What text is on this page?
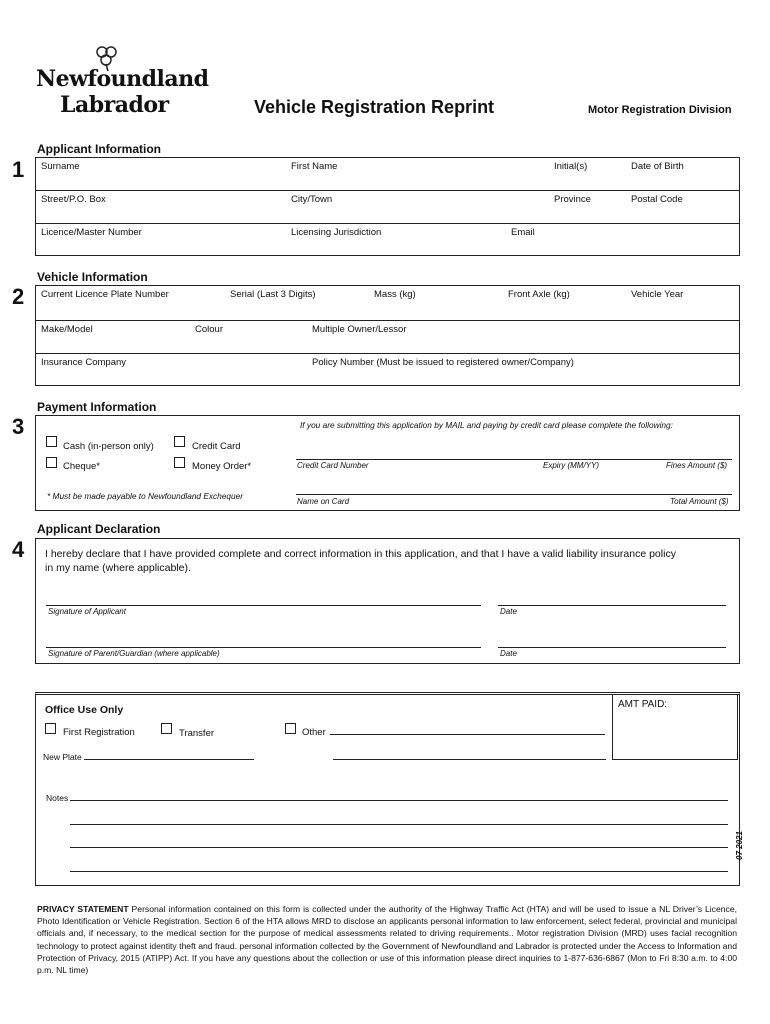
Newfoundland
Labrador	Vehicle Registration Reprint	Motor Registration Division
1
Applicant Information
Surname	First Name	Initial(s)	Date of Birth
Street/P.O. Box	City/Town	Province	Postal Code
Licence/Master Number	Licensing Jurisdiction	Email
2
Vehicle Information
Current Licence Plate Number	Serial (Last 3 Digits)	Mass (kg)	Front Axle (kg)	Vehicle Year
Make/Model	Colour	Multiple Owner/Lessor
Insurance Company	Policy Number (Must be issued to registered owner/Company)
3
Payment Information
If you are submitting this application by MAIL and paying by credit card please complete the following:
Cash (in-person only)	Credit Card
Cheque*	Money Order*
* Must be made payable to Newfoundland Exchequer
Credit Card Number	Expiry (MM/YY)	Fines Amount ($)
Name on Card	Total Amount ($)
4
Applicant Declaration
I hereby declare that I have provided complete and correct information in this application, and that I have a valid liability insurance policy
in my name (where applicable).
Signature of Applicant	Date
Signature of Parent/Guardian (where applicable)	Date
AMT PAID:
Office Use Only
First Registration	Transfer	Other
New Plate
Notes
07 2021
PRIVACY STATEMENT Personal information contained on this form is collected under the authority of the Highway Traffic Act (HTA) and will be used to issue a NL Driver’s Licence, Photo Identification or Vehicle Registration. Section 6 of the HTA allows MRD to disclose an applicants personal information to law enforcement, select federal, provincial and municipal officials and, if necessary, to the medical section for the purpose of medical assessments related to driving requirements.. Motor registration Division (MRD) uses facial recognition technology to protect against identity theft and fraud. personal information collected by the Government of Newfoundland and Labrador is protected under the Access to Information and Protection of Privacy, 2015 (ATIPP) Act. If you have any questions about the collection or use of this information please direct inquiries to 1-877-636-6867 (Mon to Fri 8:30 a.m. to 4:00 p.m. NL time)
